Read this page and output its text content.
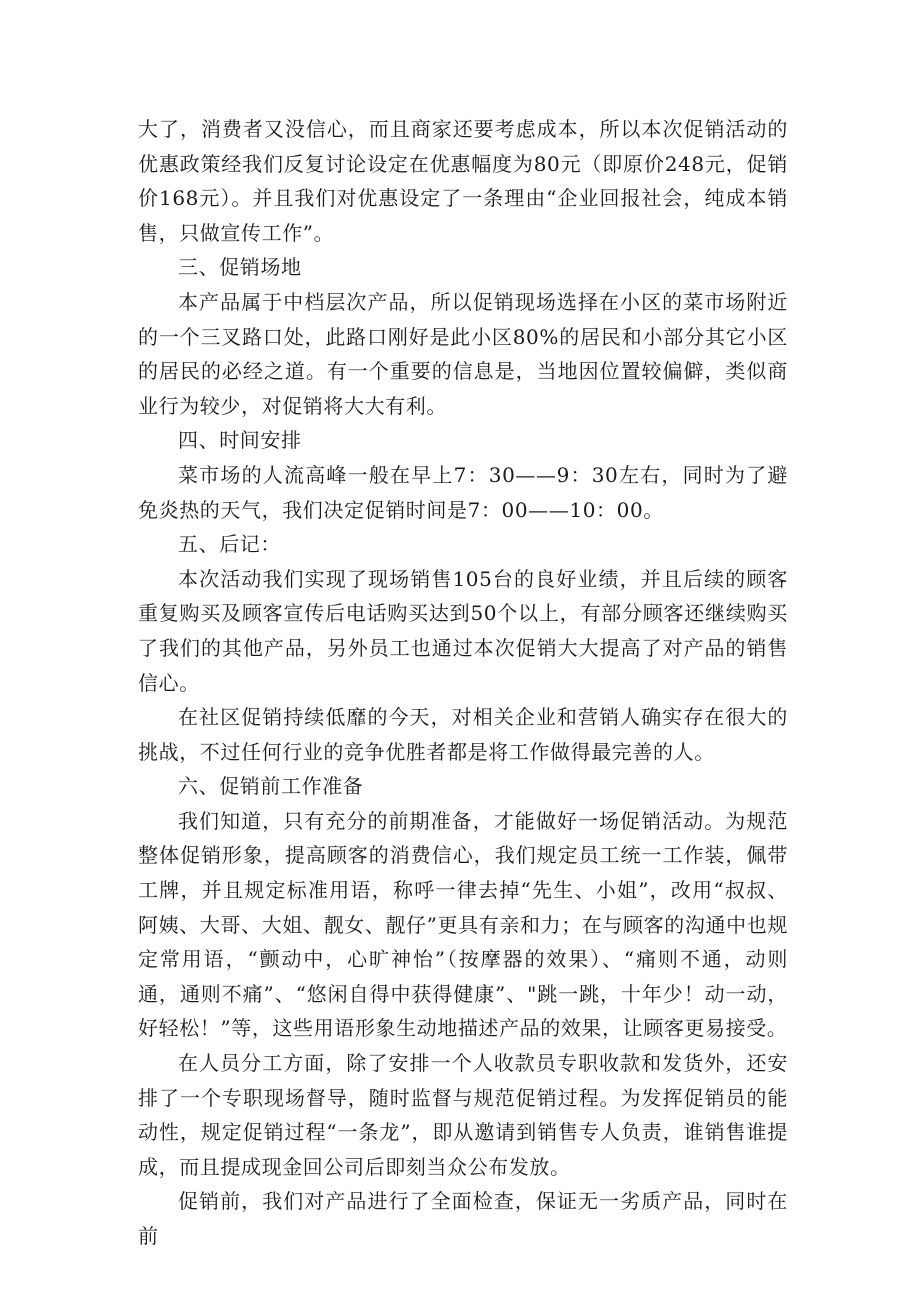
大了，消费者又没信心，而且商家还要考虑成本，所以本次促销活动的优惠政策经我们反复讨论设定在优惠幅度为80元（即原价248元，促销价168元）。并且我们对优惠设定了一条理由“企业回报社会，纯成本销售，只做宣传工作”。

三、促销场地

本产品属于中档层次产品，所以促销现场选择在小区的菜市场附近的一个三叉路口处，此路口刚好是此小区80%的居民和小部分其它小区的居民的必经之道。有一个重要的信息是，当地因位置较偏僻，类似商业行为较少，对促销将大大有利。

四、时间安排

菜市场的人流高峰一般在早上7：30——9：30左右，同时为了避免炎热的天气，我们决定促销时间是7：00——10：00。

五、后记：

本次活动我们实现了现场销售105台的良好业绩，并且后续的顾客重复购买及顾客宣传后电话购买达到50个以上，有部分顾客还继续购买了我们的其他产品，另外员工也通过本次促销大大提高了对产品的销售信心。

在社区促销持续低靡的今天，对相关企业和营销人确实存在很大的挑战，不过任何行业的竞争优胜者都是将工作做得最完善的人。

六、促销前工作准备

我们知道，只有充分的前期准备，才能做好一场促销活动。为规范整体促销形象，提高顾客的消费信心，我们规定员工统一工作装，佩带工牌，并且规定标准用语，称呼一律去掉“先生、小姐”，改用“叔叔、阿姨、大哥、大姐、靓女、靓仔”更具有亲和力；在与顾客的沟通中也规定常用语，“颤动中，心旷神怡”（按摩器的效果）、“痛则不通，动则通，通则不痛”、“悠闲自得中获得健康”、"跳一跳，十年少！动一动，好轻松！”等，这些用语形象生动地描述产品的效果，让顾客更易接受。

在人员分工方面，除了安排一个人收款员专职收款和发货外，还安排了一个专职现场督导，随时监督与规范促销过程。为发挥促销员的能动性，规定促销过程“一条龙”，即从邀请到销售专人负责，谁销售谁提成，而且提成现金回公司后即刻当众公布发放。

促销前，我们对产品进行了全面检查，保证无一劣质产品，同时在前
